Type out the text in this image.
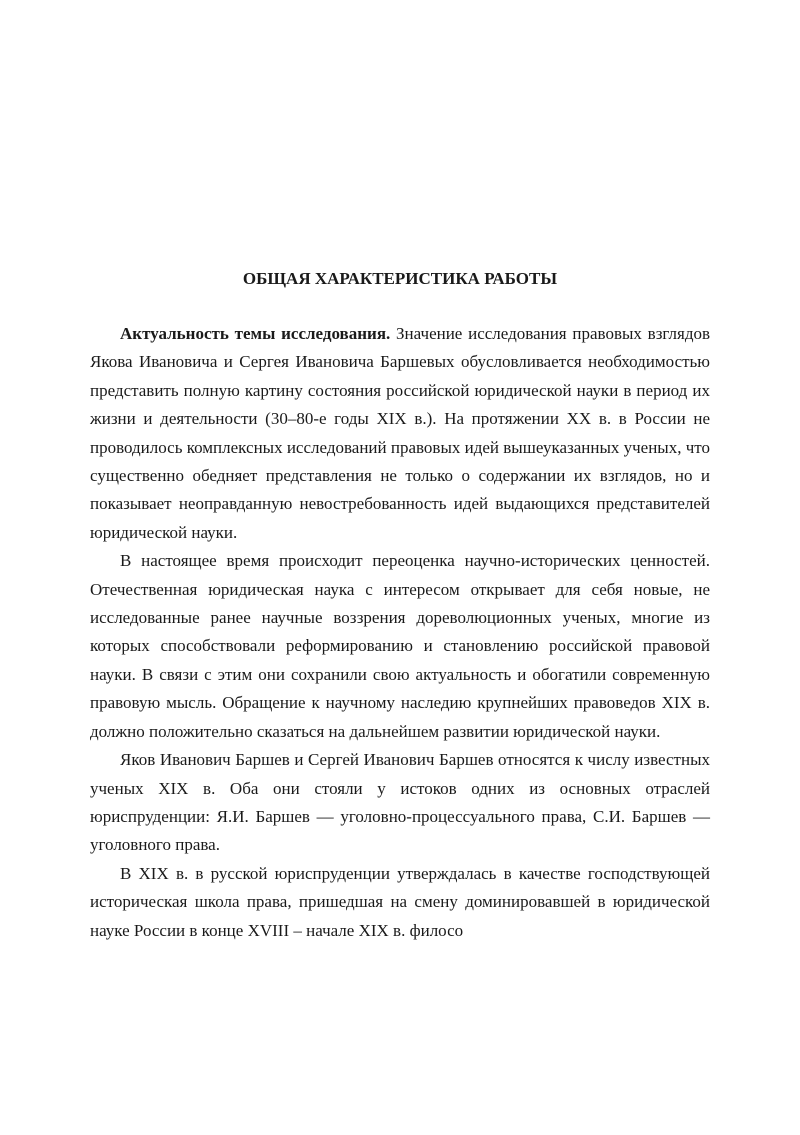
ОБЩАЯ ХАРАКТЕРИСТИКА РАБОТЫ

Актуальность темы исследования. Значение исследования правовых взглядов Якова Ивановича и Сергея Ивановича Баршевых обусловливается необходимостью представить полную картину состояния российской юридической науки в период их жизни и деятельности (30–80-е годы XIX в.). На протяжении XX в. в России не проводилось комплексных исследований правовых идей вышеуказанных ученых, что существенно обедняет представления не только о содержании их взглядов, но и показывает неоправданную невостребованность идей выдающихся представителей юридической науки.

В настоящее время происходит переоценка научно-исторических ценностей. Отечественная юридическая наука с интересом открывает для себя новые, не исследованные ранее научные воззрения дореволюционных ученых, многие из которых способствовали реформированию и становлению российской правовой науки. В связи с этим они сохранили свою актуальность и обогатили современную правовую мысль. Обращение к научному наследию крупнейших правоведов XIX в. должно положительно сказаться на дальнейшем развитии юридической науки.

Яков Иванович Баршев и Сергей Иванович Баршев относятся к числу известных ученых XIX в. Оба они стояли у истоков одних из основных отраслей юриспруденции: Я.И. Баршев — уголовно-процессуального права, С.И. Баршев — уголовного права.

В XIX в. в русской юриспруденции утверждалась в качестве господствующей историческая школа права, пришедшая на смену доминировавшей в юридической науке России в конце XVIII – начале XIX в. филосо
